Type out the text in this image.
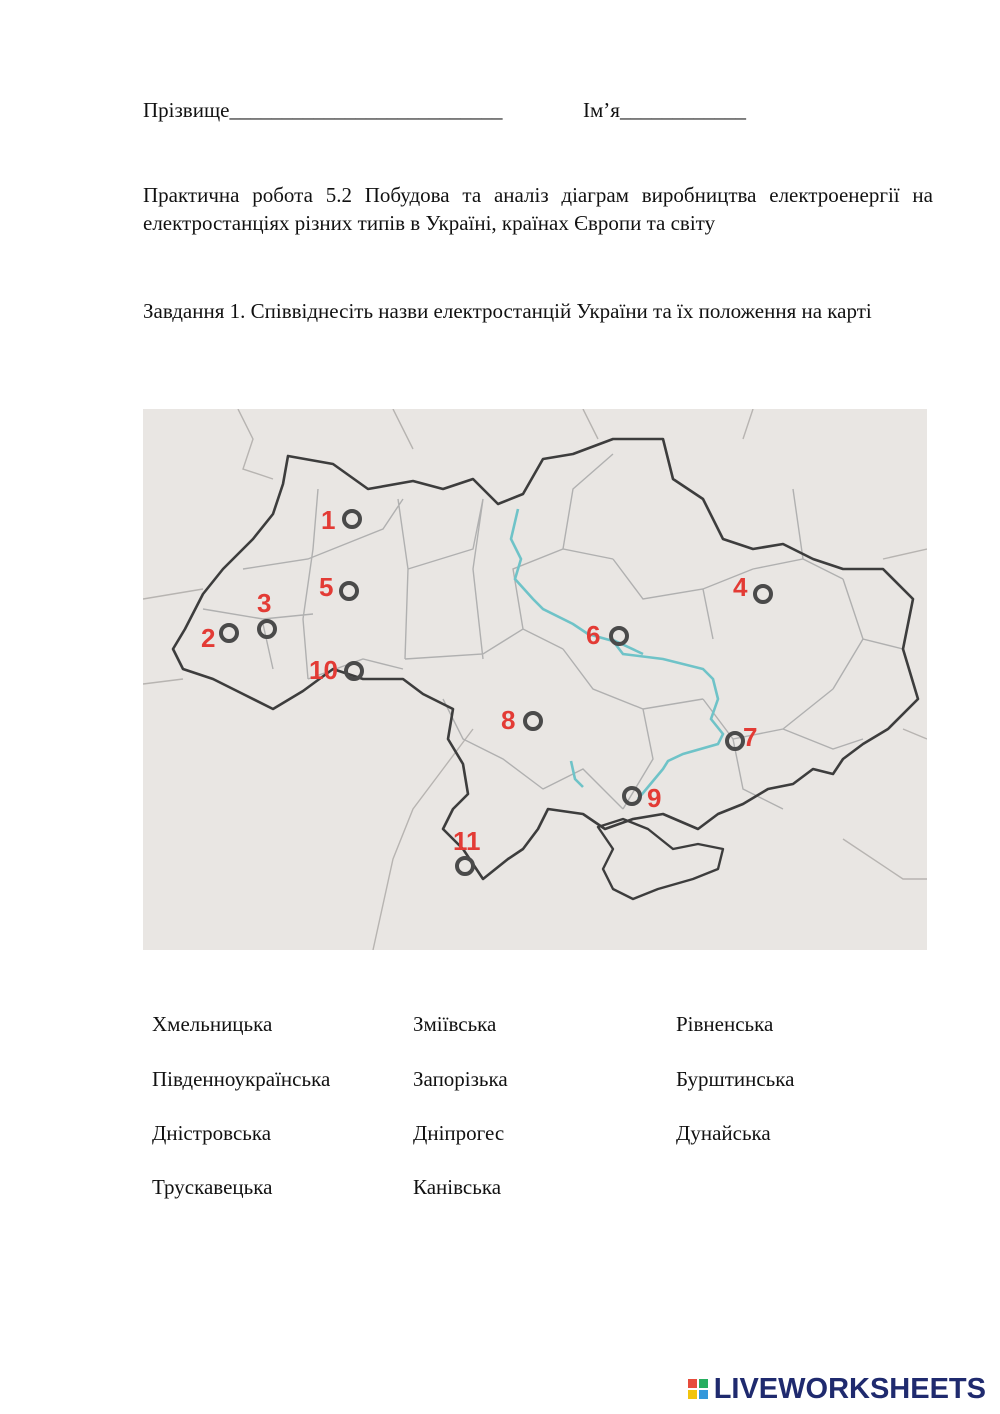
Прізвище__________________________	Ім’я____________
Практична робота 5.2 Побудова та аналіз діаграм виробництва електроенергії на електростанціях різних типів в Україні, країнах Європи та світу
Завдання 1. Співвіднесіть назви електростанцій України та їх положення на карті
1
2
3
4
5
6
7
8
9
10
11
Хмельницька	Зміївська	Рівненська
Південноукраїнська	Запорізька	Бурштинська
Дністровська	Дніпрогес	Дунайська
Трускавецька	Канівська
LIVEWORKSHEETS
